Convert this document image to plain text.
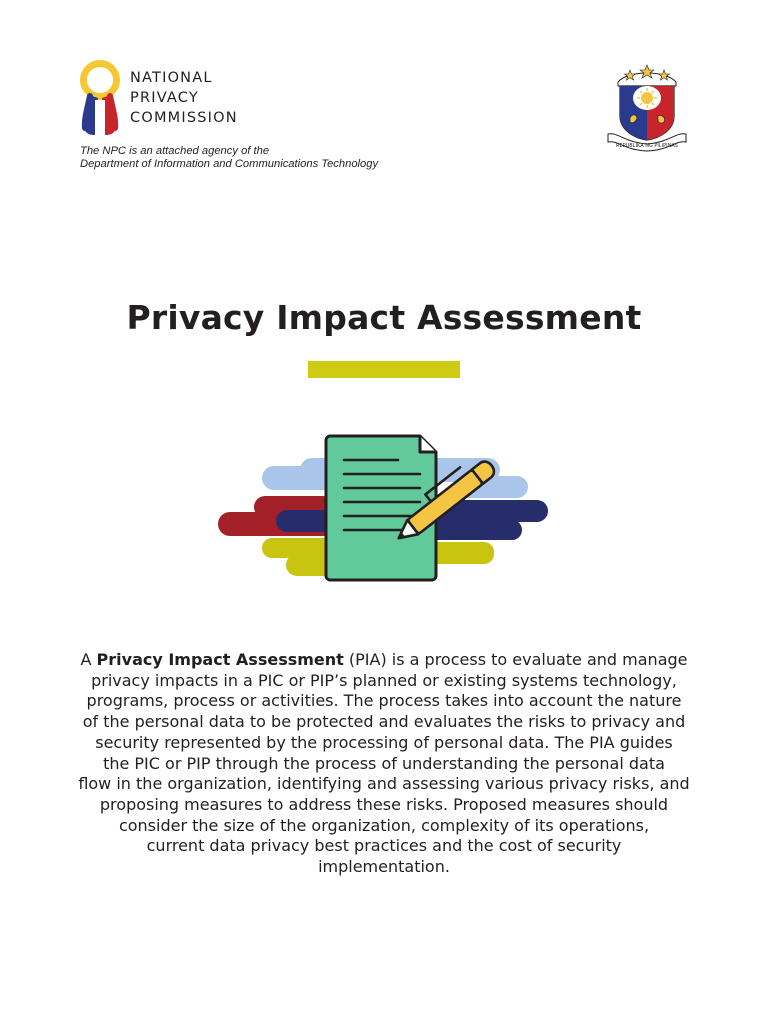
NATIONAL
PRIVACY
COMMISSION
The NPC is an attached agency of the
Department of Information and Communications Technology
REPUBLIKA NG PILIPINAS
Privacy Impact Assessment
A Privacy Impact Assessment (PIA) is a process to evaluate and manage
privacy impacts in a PIC or PIP’s planned or existing systems technology,
programs, process or activities. The process takes into account the nature
of the personal data to be protected and evaluates the risks to privacy and
security represented by the processing of personal data. The PIA guides
the PIC or PIP through the process of understanding the personal data
flow in the organization, identifying and assessing various privacy risks, and
proposing measures to address these risks. Proposed measures should
consider the size of the organization, complexity of its operations,
current data privacy best practices and the cost of security
implementation.
